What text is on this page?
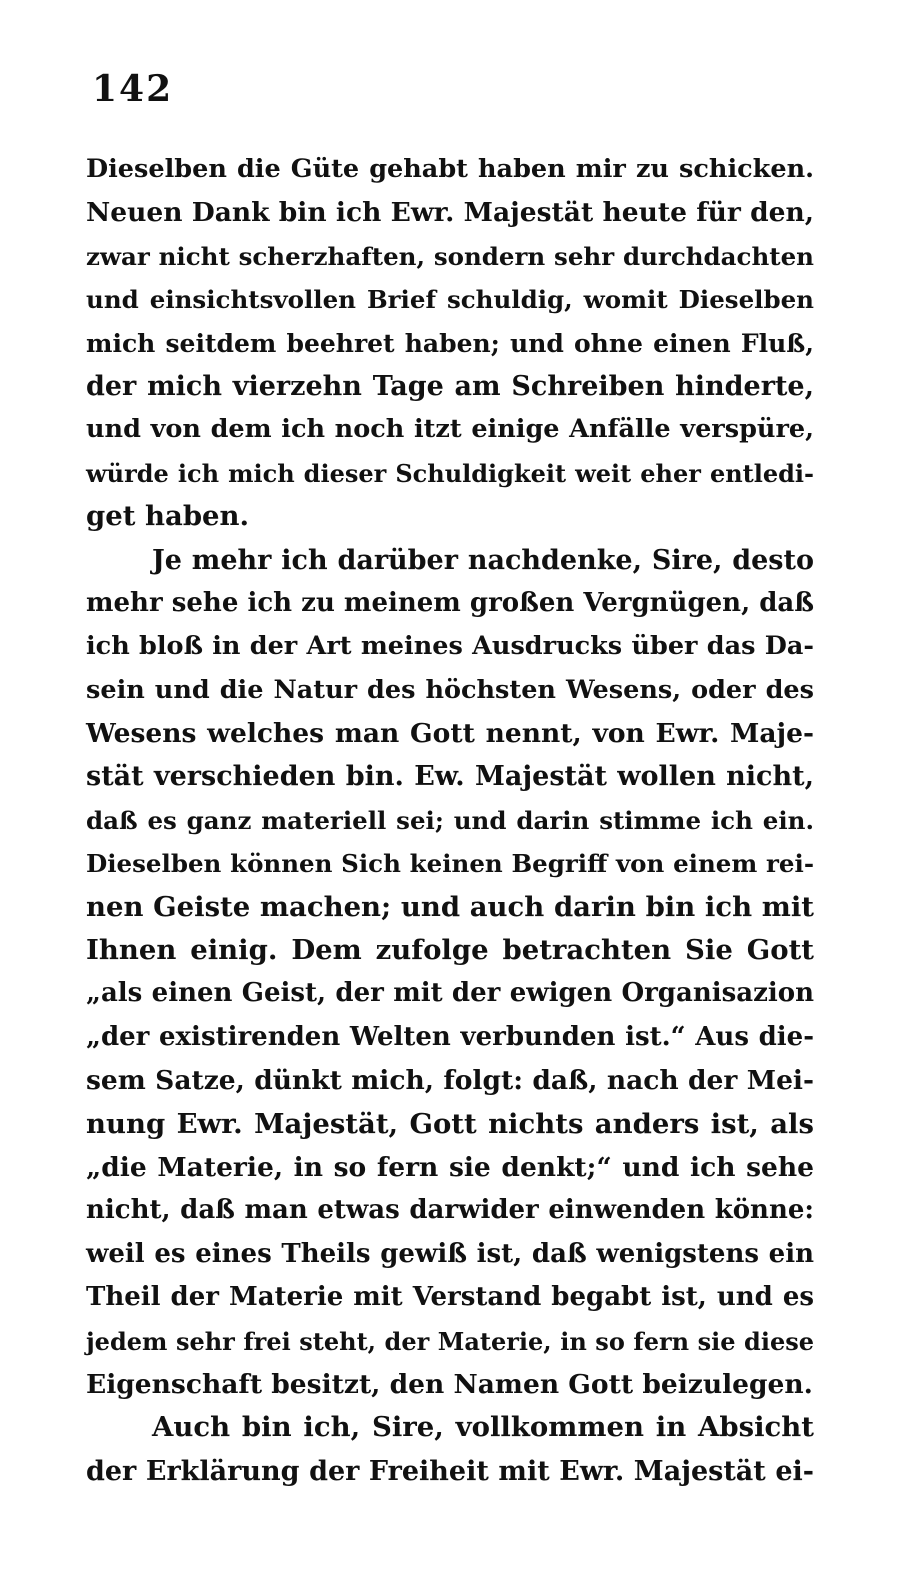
142
Dieselben die Güte gehabt haben mir zu schicken.
Neuen Dank bin ich Ewr. Majestät heute für den,
zwar nicht scherzhaften, sondern sehr durchdachten
und einsichtsvollen Brief schuldig, womit Dieselben
mich seitdem beehret haben; und ohne einen Fluß,
der mich vierzehn Tage am Schreiben hinderte,
und von dem ich noch itzt einige Anfälle verspüre,
würde ich mich dieser Schuldigkeit weit eher entledi-
get haben.
Je mehr ich darüber nachdenke, Sire, desto
mehr sehe ich zu meinem großen Vergnügen, daß
ich bloß in der Art meines Ausdrucks über das Da-
sein und die Natur des höchsten Wesens, oder des
Wesens welches man Gott nennt, von Ewr. Maje-
stät verschieden bin. Ew. Majestät wollen nicht,
daß es ganz materiell sei; und darin stimme ich ein.
Dieselben können Sich keinen Begriff von einem rei-
nen Geiste machen; und auch darin bin ich mit
Ihnen einig. Dem zufolge betrachten Sie Gott
„als einen Geist, der mit der ewigen Organisazion
„der existirenden Welten verbunden ist.“ Aus die-
sem Satze, dünkt mich, folgt: daß, nach der Mei-
nung Ewr. Majestät, Gott nichts anders ist, als
„die Materie, in so fern sie denkt;“ und ich sehe
nicht, daß man etwas darwider einwenden könne:
weil es eines Theils gewiß ist, daß wenigstens ein
Theil der Materie mit Verstand begabt ist, und es
jedem sehr frei steht, der Materie, in so fern sie diese
Eigenschaft besitzt, den Namen Gott beizulegen.
Auch bin ich, Sire, vollkommen in Absicht
der Erklärung der Freiheit mit Ewr. Majestät ei-
